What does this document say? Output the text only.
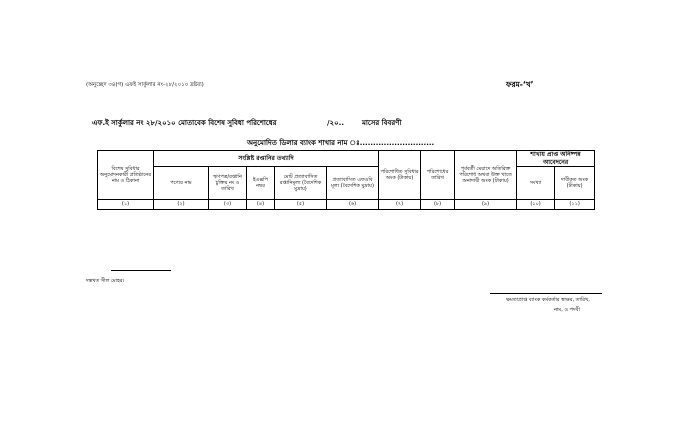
(অনুচ্ছেদ ৩৪(গ) এফই সার্কুলার নং-২৮/২০১০ দ্রষ্টব্য)	ফরম-‘খ’
এফ.ই সার্কুলার নং ২৮/২০১০ মোতাবেক বিশেষ সুবিধা পরিশোধের	/২০..	মাসের বিবরণী
অনুমোদিত ডিলার ব্যাংক শাখার নাম ঃ............................
বিশেষ সুবিধার অনুমোদনকারী প্রতিষ্ঠানের নাম ও ঠিকানা	সংশ্লিষ্ট রপ্তানির তথ্যাদি					পরিশোধিত সুবিধার অংক (টাকায়)	পরিশোধের তারিখ	পূর্ববর্তী মেয়াদে অতিরিক্ত পরিশোধ অথবা উক্ত খাতে অনাদায়ী অংক (টাকায়)	শাখায় প্রাপ্ত অনিষ্পন্ন আবেদনের	
	পণ্যের নাম	ঋণপত্র/রপ্তানি চুক্তির নং ও তারিখ	ইএক্সপি নম্বর	মোট প্রত্যাবাসিত রপ্তানিমূল্য (বৈদেশিক মুদ্রায়)	প্রত্যাবাসিত এফওবি মূল্য (বৈদেশিক মুদ্রায়)				সংখ্যা	দাবীকৃত অংক (টাকায়)
(১)	(২)	(৩)	(৪)	(৫)	(৬)	(৭)	(৮)	(৯)	(১০)	(১১)
দস্তখত সীল মোহর।
ক্ষমতাপ্রাপ্ত ব্যাংক কর্মকর্তার স্বাক্ষর, তারিখ,
নাম, ও পদবী
